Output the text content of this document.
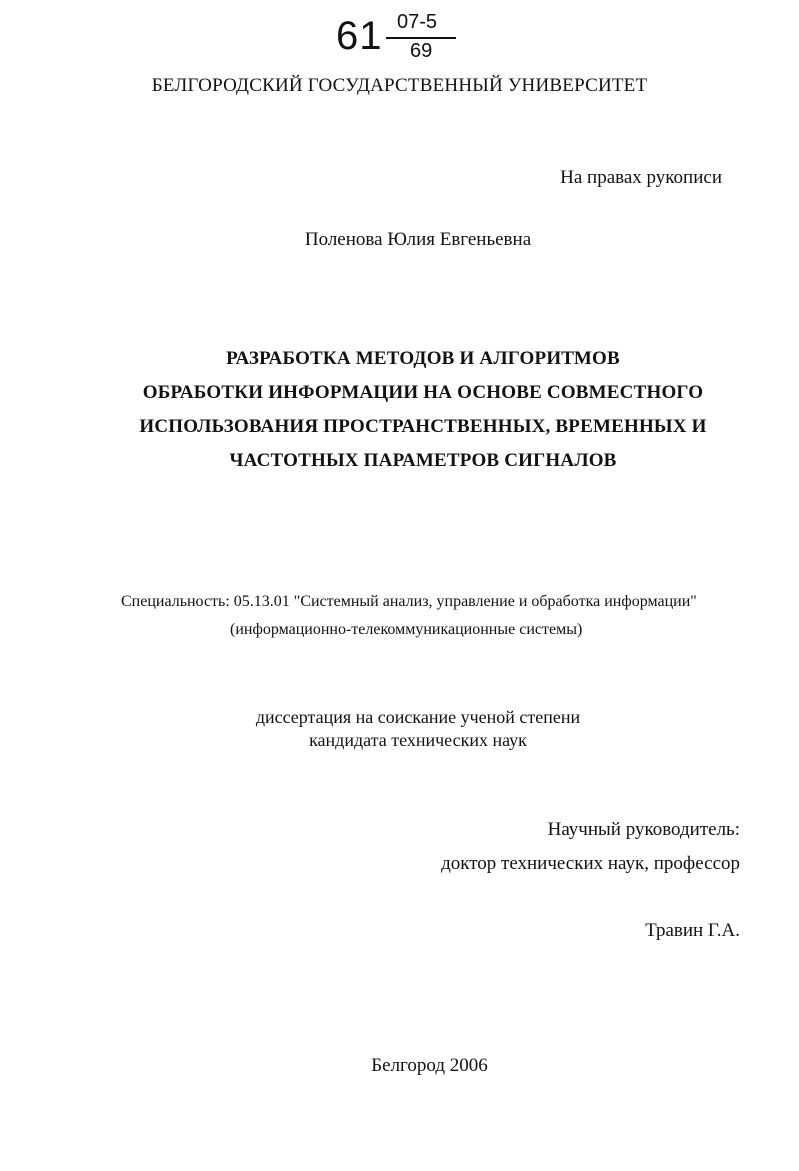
61 07-5
69
БЕЛГОРОДСКИЙ ГОСУДАРСТВЕННЫЙ УНИВЕРСИТЕТ
На правах рукописи
Поленова Юлия Евгеньевна
РАЗРАБОТКА МЕТОДОВ И АЛГОРИТМОВ
ОБРАБОТКИ ИНФОРМАЦИИ НА ОСНОВЕ СОВМЕСТНОГО
ИСПОЛЬЗОВАНИЯ ПРОСТРАНСТВЕННЫХ, ВРЕМЕННЫХ И
ЧАСТОТНЫХ ПАРАМЕТРОВ СИГНАЛОВ
Специальность: 05.13.01 "Системный анализ, управление и обработка информации"
(информационно-телекоммуникационные системы)
диссертация на соискание ученой степени
кандидата технических наук
Научный руководитель:
доктор технических наук, профессор
Травин Г.А.
Белгород 2006
